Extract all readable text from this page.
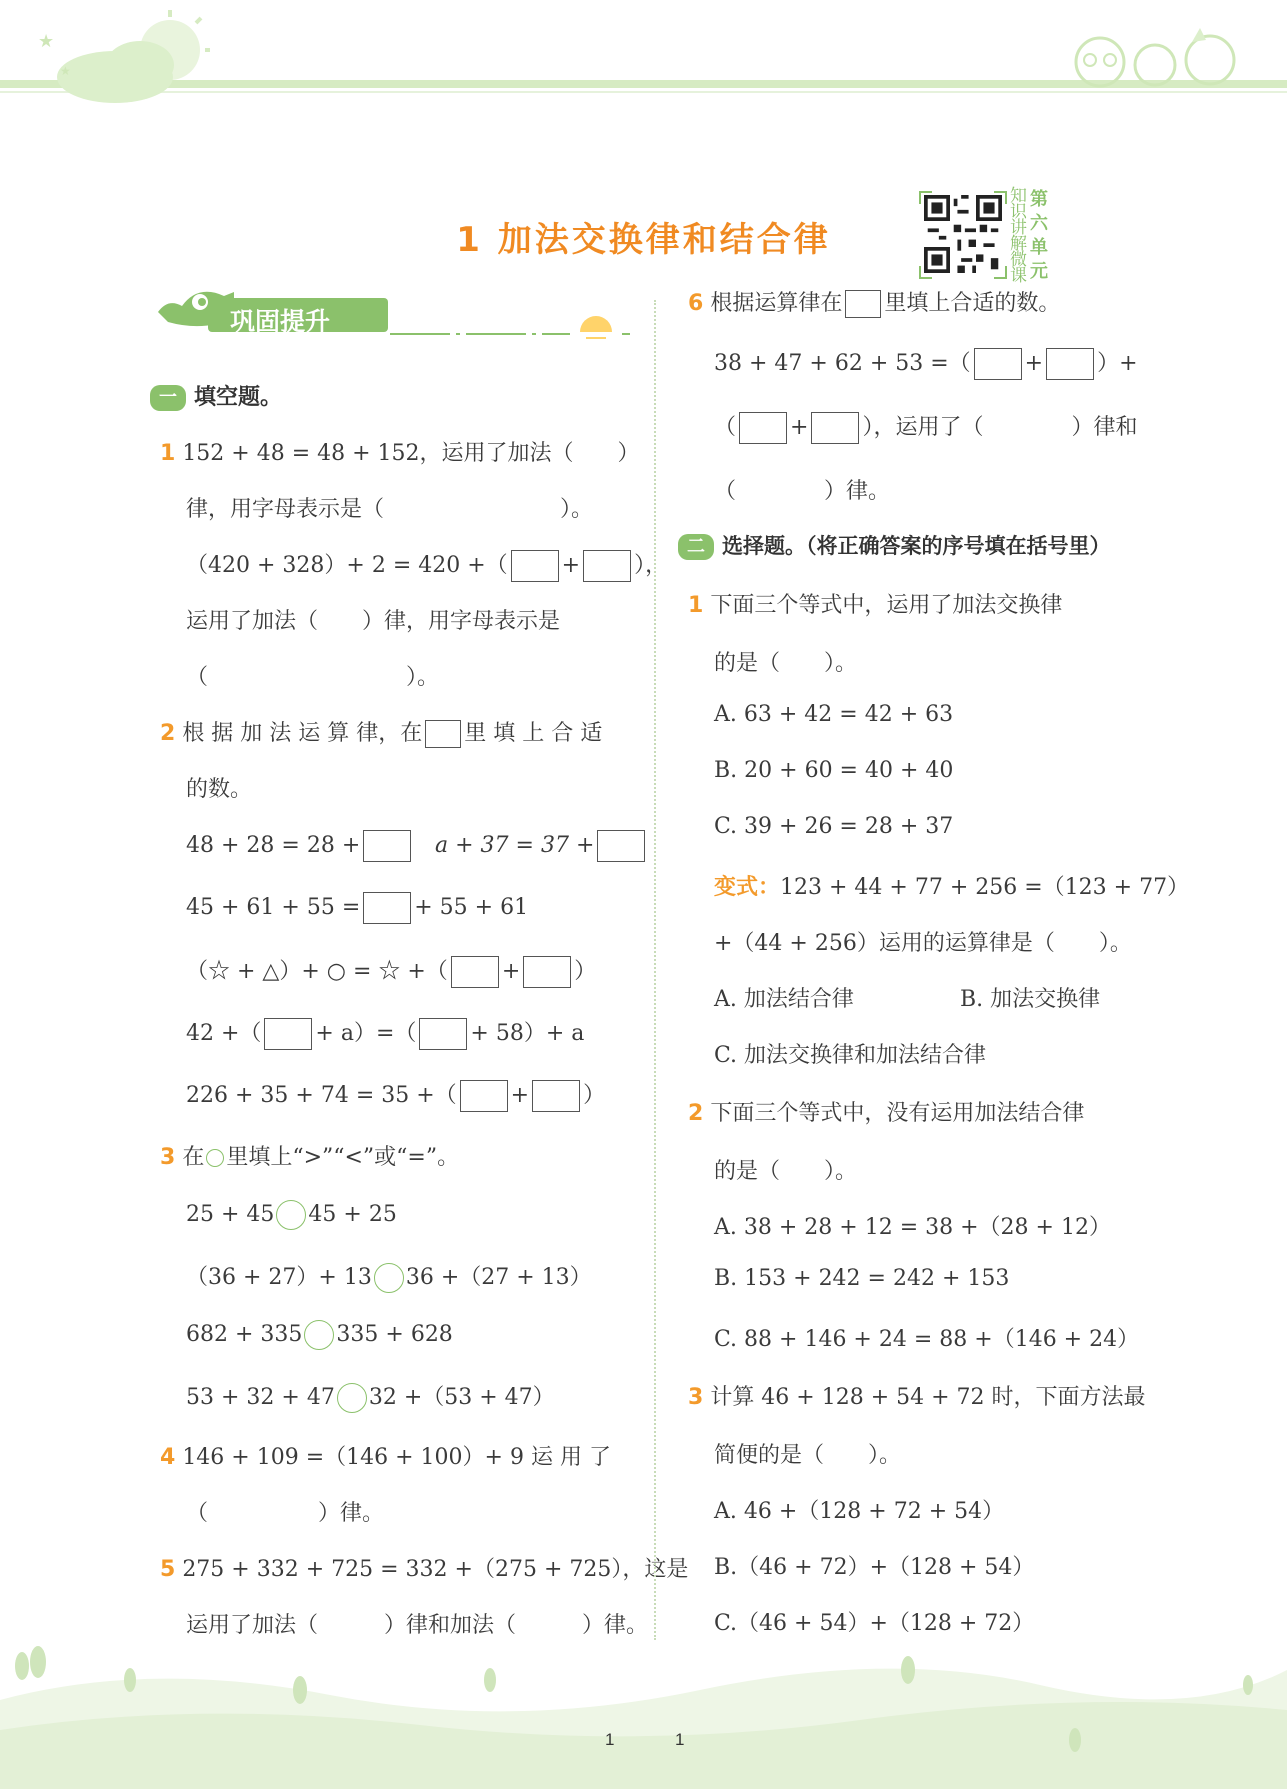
★
★
1 加法交换律和结合律
知识讲解微课
第六单元
巩固提升
一 填空题。
1 152 + 48 = 48 + 152，运用了加法（　　）
律，用字母表示是（　　　　　　　　）。
（420 + 328）+ 2 = 420 +（ + ），
运用了加法（　　）律，用字母表示是
（　　　　　　　　　）。
2 根 据 加 法 运 算 律，在 里 填 上 合 适
的数。
48 + 28 = 28 +	a + 37 = 37 +
45 + 61 + 55 = + 55 + 61
（☆ + △）+ ○ = ☆ +（ + ）
42 +（ + a）=（ + 58）+ a
226 + 35 + 74 = 35 +（ + ）
3 在 里填上“>”“<”或“=”。
25 + 45 45 + 25
（36 + 27）+ 13 36 +（27 + 13）
682 + 335 335 + 628
53 + 32 + 47 32 +（53 + 47）
4 146 + 109 =（146 + 100）+ 9 运 用 了
（　　　　　）律。
5 275 + 332 + 725 = 332 +（275 + 725），这是
运用了加法（　　　）律和加法（　　　）律。
6 根据运算律在 里填上合适的数。
38 + 47 + 62 + 53 =（ + ）+
（ + ），运用了（　　　　）律和
（　　　　）律。
二 选择题。（将正确答案的序号填在括号里）
1 下面三个等式中，运用了加法交换律
的是（　　）。
A. 63 + 42 = 42 + 63
B. 20 + 60 = 40 + 40
C. 39 + 26 = 28 + 37
变式：123 + 44 + 77 + 256 =（123 + 77）
+（44 + 256）运用的运算律是（　　）。
A. 加法结合律	B. 加法交换律
C. 加法交换律和加法结合律
2 下面三个等式中，没有运用加法结合律
的是（　　）。
A. 38 + 28 + 12 = 38 +（28 + 12）
B. 153 + 242 = 242 + 153
C. 88 + 146 + 24 = 88 +（146 + 24）
3 计算 46 + 128 + 54 + 72 时，下面方法最
简便的是（　　）。
A. 46 +（128 + 72 + 54）
B.（46 + 72）+（128 + 54）
C.（46 + 54）+（128 + 72）
1	1
